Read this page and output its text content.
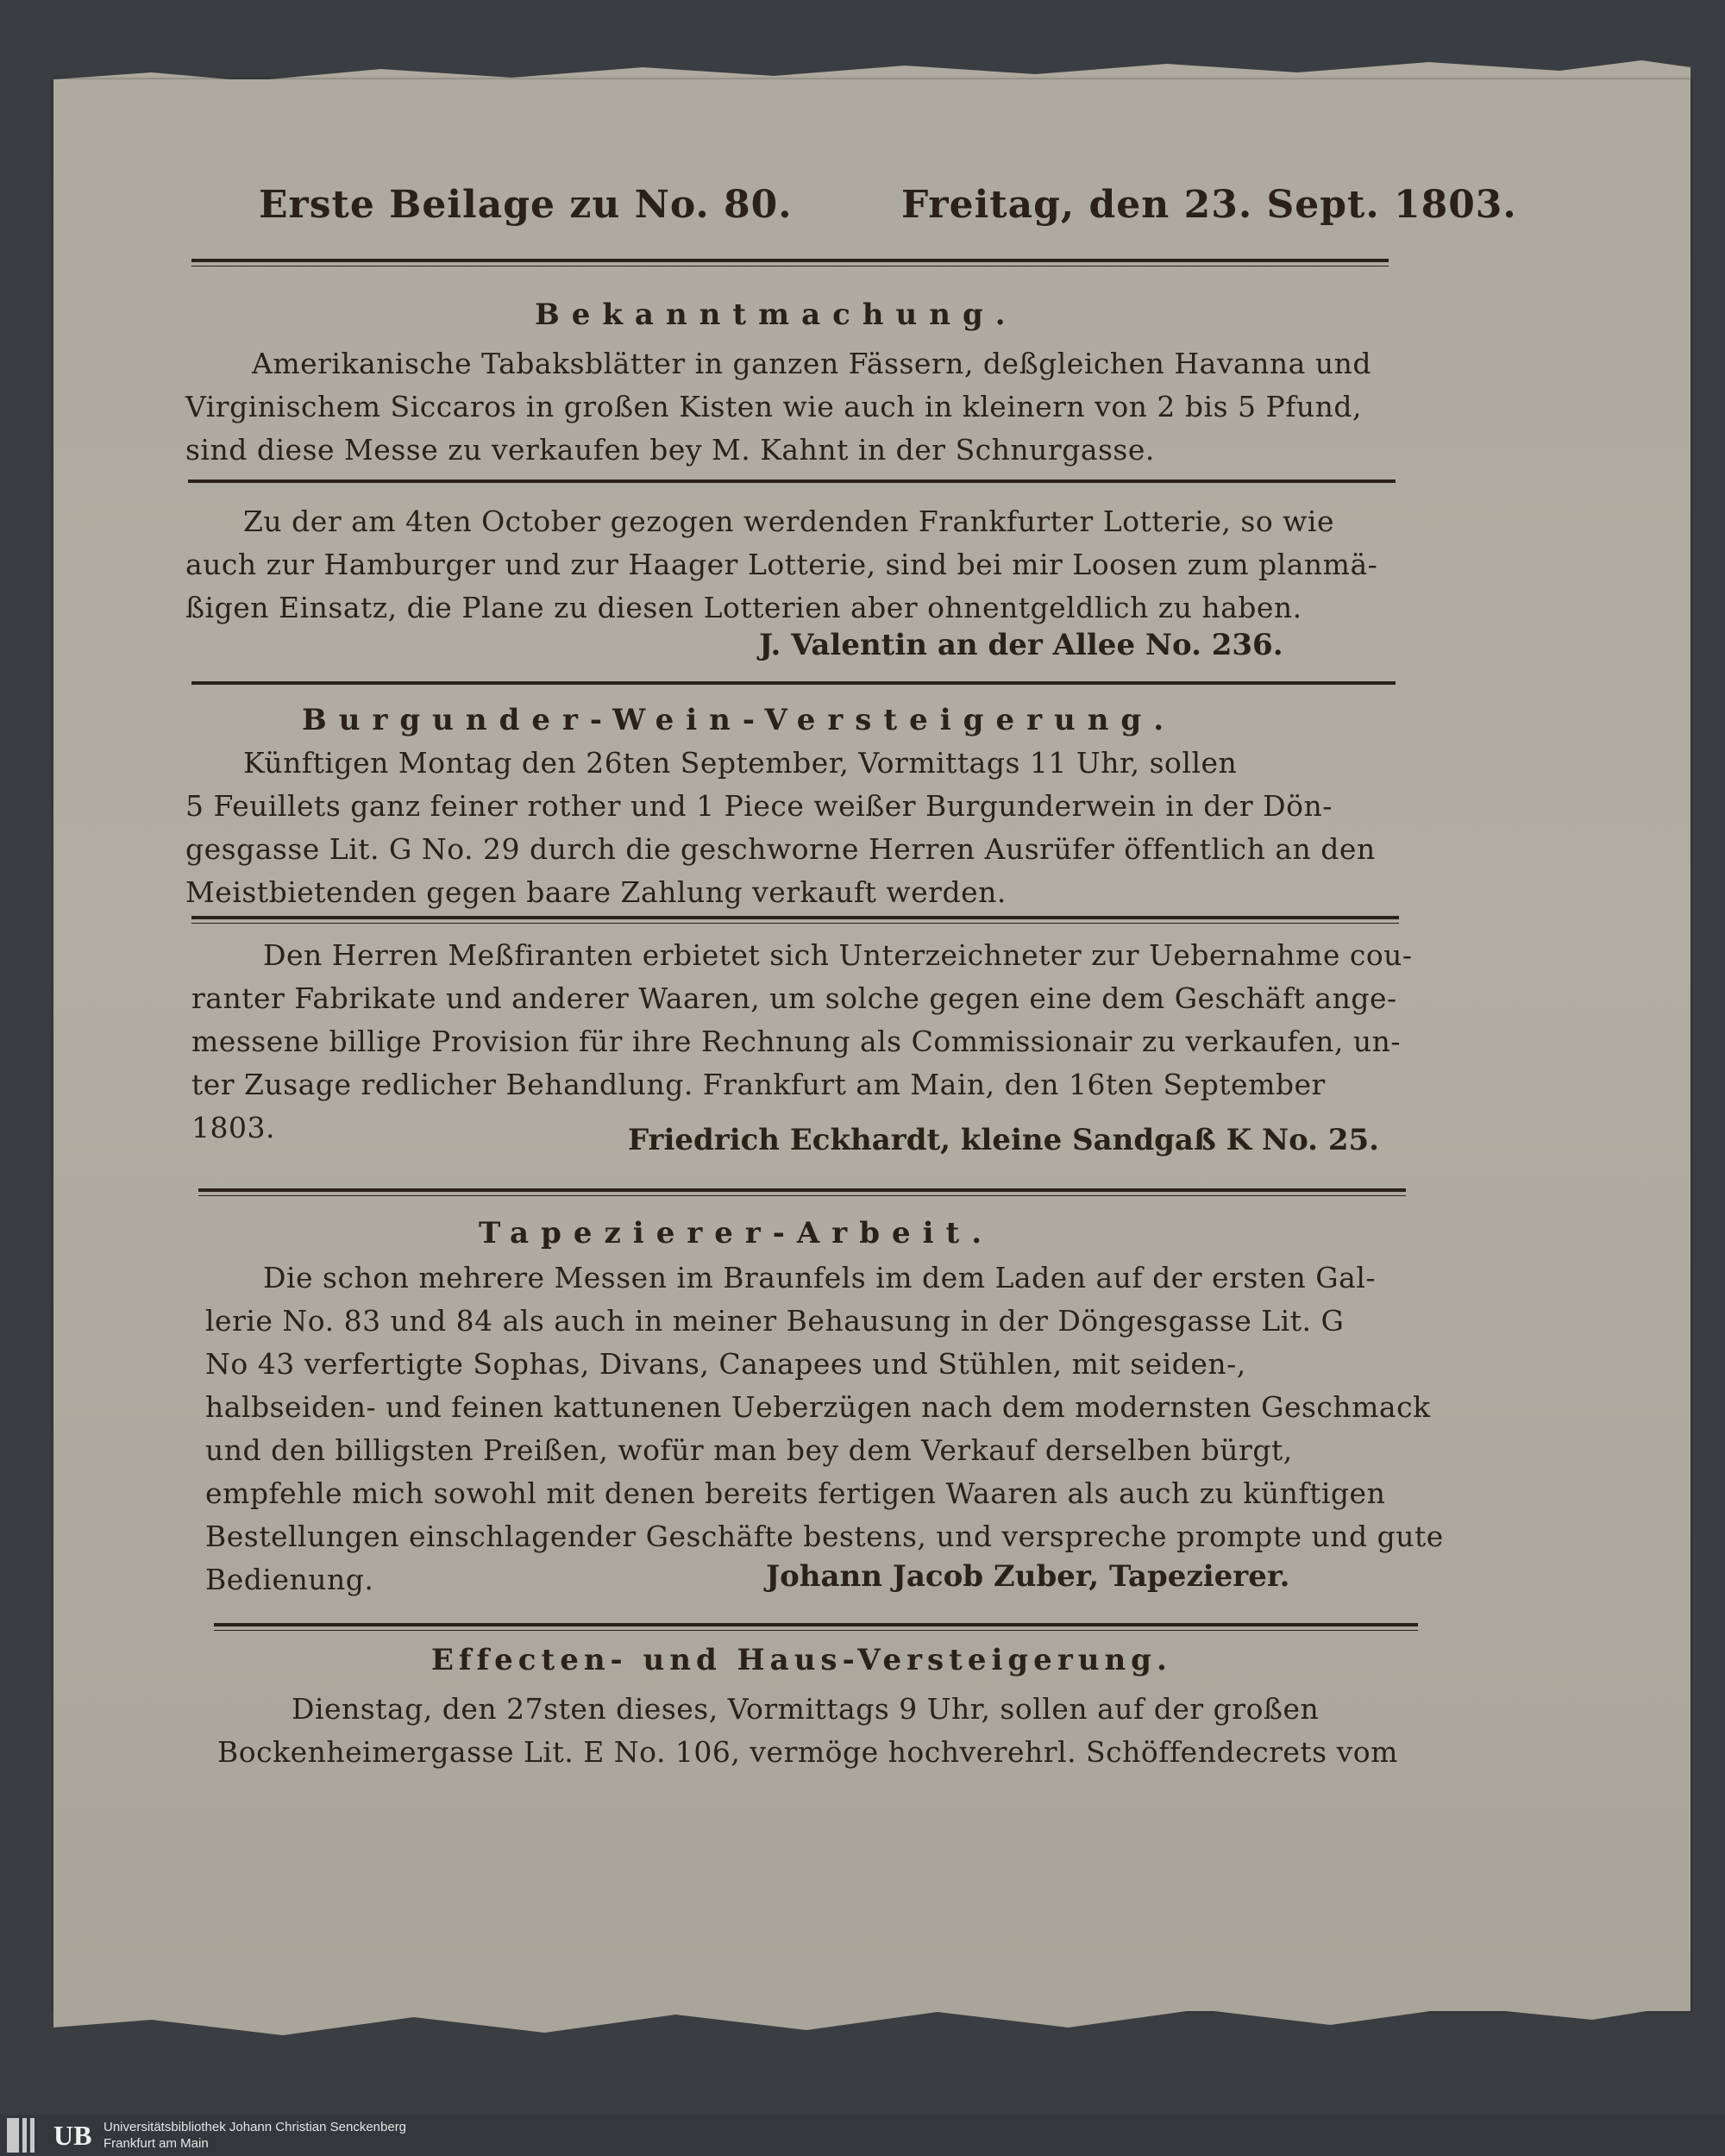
Erste Beilage zu No. 80.	Freitag, den 23. Sept. 1803.
Bekanntmachung.
Amerikanische Tabaksblätter in ganzen Fässern, deßgleichen Havanna und
Virginischem Siccaros in großen Kisten wie auch in kleinern von 2 bis 5 Pfund,
sind diese Messe zu verkaufen bey M. Kahnt in der Schnurgasse.
Zu der am 4ten October gezogen werdenden Frankfurter Lotterie, so wie
auch zur Hamburger und zur Haager Lotterie, sind bei mir Loosen zum planmä-
ßigen Einsatz, die Plane zu diesen Lotterien aber ohnentgeldlich zu haben.
J. Valentin an der Allee No. 236.
Burgunder-Wein-Versteigerung.
Künftigen Montag den 26ten September, Vormittags 11 Uhr, sollen
5 Feuillets ganz feiner rother und 1 Piece weißer Burgunderwein in der Dön-
gesgasse Lit. G No. 29 durch die geschworne Herren Ausrüfer öffentlich an den
Meistbietenden gegen baare Zahlung verkauft werden.
Den Herren Meßfiranten erbietet sich Unterzeichneter zur Uebernahme cou-
ranter Fabrikate und anderer Waaren, um solche gegen eine dem Geschäft ange-
messene billige Provision für ihre Rechnung als Commissionair zu verkaufen, un-
ter Zusage redlicher Behandlung. Frankfurt am Main, den 16ten September
1803.	Friedrich Eckhardt, kleine Sandgaß K No. 25.
Tapezierer-Arbeit.
Die schon mehrere Messen im Braunfels im dem Laden auf der ersten Gal-
lerie No. 83 und 84 als auch in meiner Behausung in der Döngesgasse Lit. G
No 43 verfertigte Sophas, Divans, Canapees und Stühlen, mit seiden-,
halbseiden- und feinen kattunenen Ueberzügen nach dem modernsten Geschmack
und den billigsten Preißen, wofür man bey dem Verkauf derselben bürgt,
empfehle mich sowohl mit denen bereits fertigen Waaren als auch zu künftigen
Bestellungen einschlagender Geschäfte bestens, und verspreche prompte und gute
Bedienung.	Johann Jacob Zuber, Tapezierer.
Effecten- und Haus-Versteigerung.
Dienstag, den 27sten dieses, Vormittags 9 Uhr, sollen auf der großen
Bockenheimergasse Lit. E No. 106, vermöge hochverehrl. Schöffendecrets vom
UB Universitätsbibliothek Johann Christian Senckenberg
Frankfurt am Main
